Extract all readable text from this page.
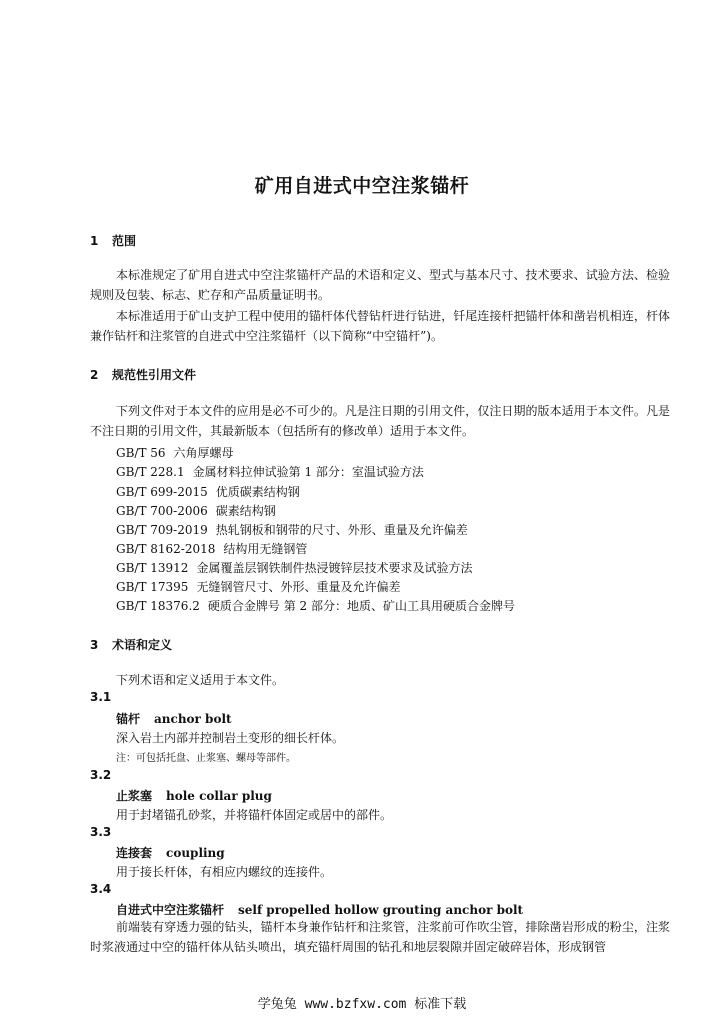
矿用自进式中空注浆锚杆
1 范围

本标准规定了矿用自进式中空注浆锚杆产品的术语和定义、型式与基本尺寸、技术要求、试验方法、检验规则及包装、标志、贮存和产品质量证明书。

本标准适用于矿山支护工程中使用的锚杆体代替钻杆进行钻进，钎尾连接杆把锚杆体和凿岩机相连，杆体兼作钻杆和注浆管的自进式中空注浆锚杆（以下简称“中空锚杆”)。

2 规范性引用文件

下列文件对于本文件的应用是必不可少的。凡是注日期的引用文件，仅注日期的版本适用于本文件。凡是不注日期的引用文件，其最新版本（包括所有的修改单）适用于本文件。

GB/T 56 六角厚螺母
GB/T 228.1 金属材料拉伸试验第 1 部分：室温试验方法
GB/T 699-2015 优质碳素结构钢
GB/T 700-2006 碳素结构钢
GB/T 709-2019 热轧钢板和钢带的尺寸、外形、重量及允许偏差
GB/T 8162-2018 结构用无缝钢管
GB/T 13912 金属覆盖层钢铁制件热浸镀锌层技术要求及试验方法
GB/T 17395 无缝钢管尺寸、外形、重量及允许偏差
GB/T 18376.2 硬质合金牌号 第 2 部分：地质、矿山工具用硬质合金牌号
3 术语和定义
下列术语和定义适用于本文件。
3.1
锚杆 anchor bolt
深入岩土内部并控制岩土变形的细长杆体。
注：可包括托盘、止浆塞、螺母等部件。
3.2
止浆塞 hole collar plug
用于封堵锚孔砂浆，并将锚杆体固定或居中的部件。
3.3
连接套 coupling
用于接长杆体，有相应内螺纹的连接件。
3.4
自进式中空注浆锚杆 self propelled hollow grouting anchor bolt

前端装有穿透力强的钻头，锚杆本身兼作钻杆和注浆管，注浆前可作吹尘管，排除凿岩形成的粉尘，注浆时浆液通过中空的锚杆体从钻头喷出，填充锚杆周围的钻孔和地层裂隙并固定破碎岩体，形成钢管

学兔兔 www.bzfxw.com 标准下载
